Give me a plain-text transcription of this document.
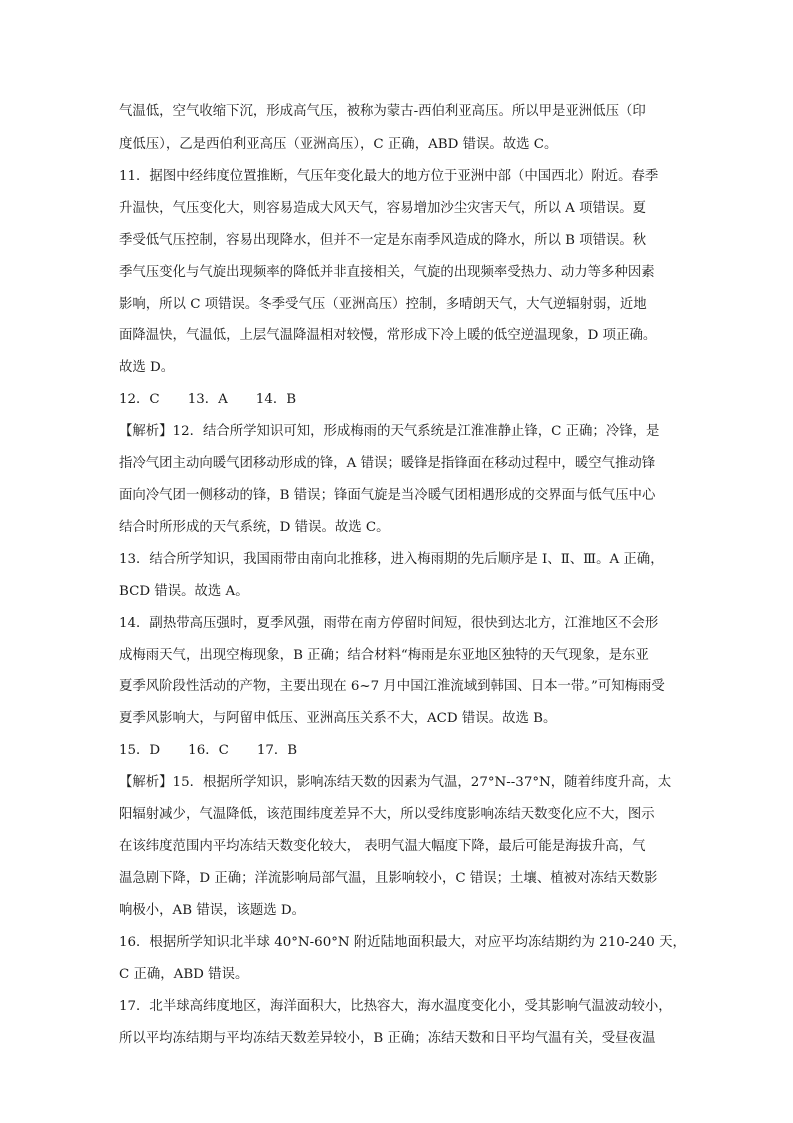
气温低，空气收缩下沉，形成高气压，被称为蒙古-西伯利亚高压。所以甲是亚洲低压（印
度低压），乙是西伯利亚高压（亚洲高压），C 正确，ABD 错误。故选 C。
11．据图中经纬度位置推断，气压年变化最大的地方位于亚洲中部（中国西北）附近。春季
升温快，气压变化大，则容易造成大风天气，容易增加沙尘灾害天气，所以 A 项错误。夏
季受低气压控制，容易出现降水，但并不一定是东南季风造成的降水，所以 B 项错误。秋
季气压变化与气旋出现频率的降低并非直接相关，气旋的出现频率受热力、动力等多种因素
影响，所以 C 项错误。冬季受气压（亚洲高压）控制，多晴朗天气，大气逆辐射弱，近地
面降温快，气温低，上层气温降温相对较慢，常形成下冷上暖的低空逆温现象，D 项正确。
故选 D。
12．C 13．A 14．B
【解析】12．结合所学知识可知，形成梅雨的天气系统是江淮准静止锋，C 正确；冷锋，是
指冷气团主动向暖气团移动形成的锋，A 错误；暖锋是指锋面在移动过程中，暖空气推动锋
面向冷气团一侧移动的锋，B 错误；锋面气旋是当冷暖气团相遇形成的交界面与低气压中心
结合时所形成的天气系统，D 错误。故选 C。
13．结合所学知识，我国雨带由南向北推移，进入梅雨期的先后顺序是 Ⅰ、Ⅱ、Ⅲ。A 正确，
BCD 错误。故选 A。
14．副热带高压强时，夏季风强，雨带在南方停留时间短，很快到达北方，江淮地区不会形
成梅雨天气，出现空梅现象，B 正确；结合材料“梅雨是东亚地区独特的天气现象，是东亚
夏季风阶段性活动的产物，主要出现在 6~7 月中国江淮流域到韩国、日本一带。”可知梅雨受
夏季风影响大，与阿留申低压、亚洲高压关系不大，ACD 错误。故选 B。
15．D 16．C 17．B
【解析】15．根据所学知识，影响冻结天数的因素为气温，27°N--37°N，随着纬度升高，太
阳辐射减少，气温降低，该范围纬度差异不大，所以受纬度影响冻结天数变化应不大，图示
在该纬度范围内平均冻结天数变化较大， 表明气温大幅度下降，最后可能是海拔升高，气
温急剧下降，D 正确；洋流影响局部气温，且影响较小，C 错误；土壤、植被对冻结天数影
响极小，AB 错误，该题选 D。
16．根据所学知识北半球 40°N-60°N 附近陆地面积最大，对应平均冻结期约为 210-240 天，
C 正确，ABD 错误。
17．北半球高纬度地区，海洋面积大，比热容大，海水温度变化小，受其影响气温波动较小，
所以平均冻结期与平均冻结天数差异较小，B 正确；冻结天数和日平均气温有关，受昼夜温
